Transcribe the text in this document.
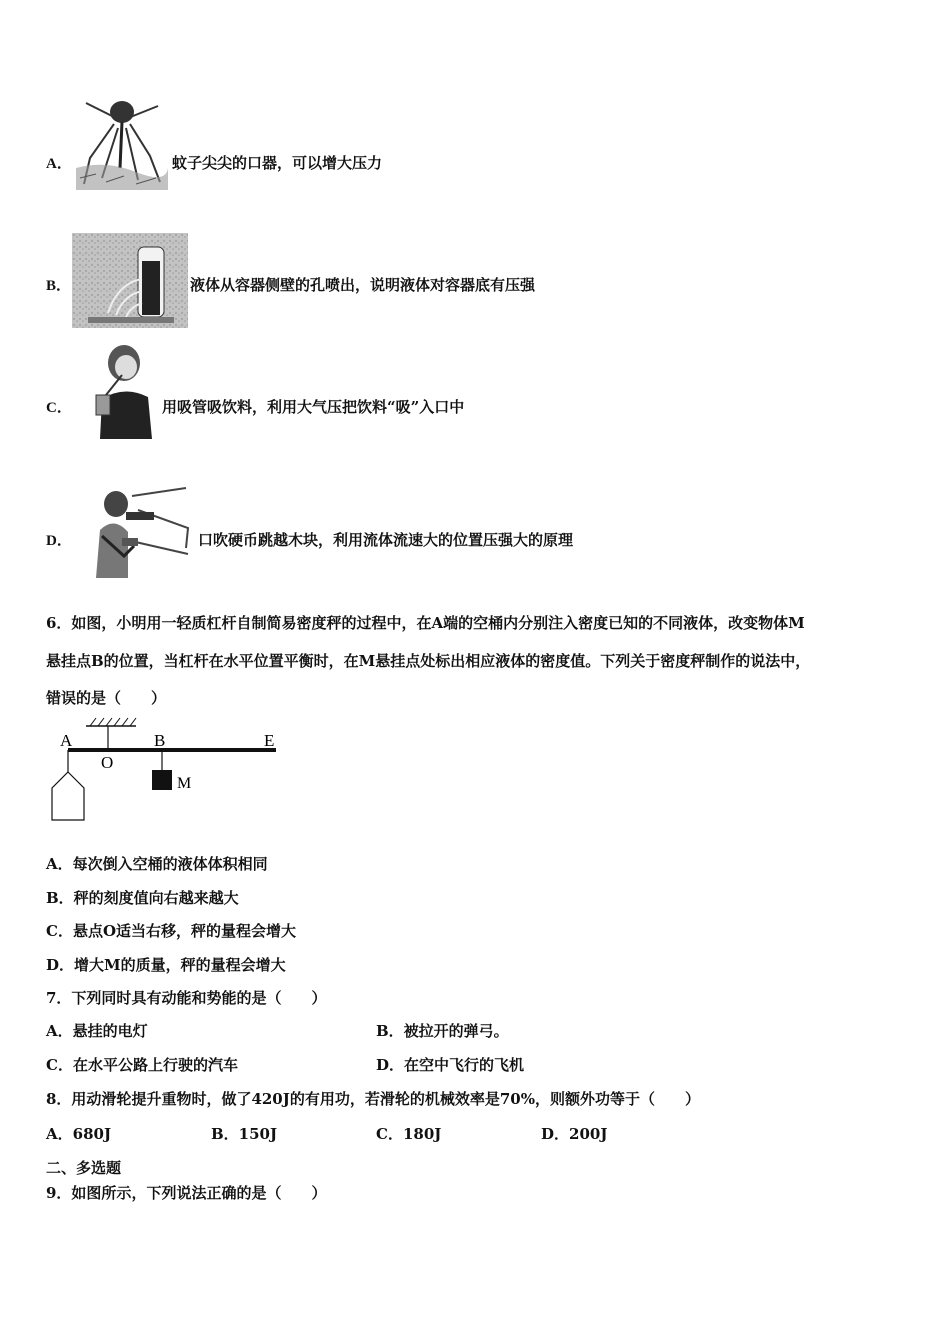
A．	蚊子尖尖的口器，可以增大压力
B．	液体从容器侧壁的孔喷出，说明液体对容器底有压强
C．	用吸管吸饮料，利用大气压把饮料“吸”入口中
D．	口吹硬币跳越木块，利用流体流速大的位置压强大的原理
6．如图，小明用一轻质杠杆自制简易密度秤的过程中，在A端的空桶内分别注入密度已知的不同液体，改变物体M
悬挂点B的位置，当杠杆在水平位置平衡时，在M悬挂点处标出相应液体的密度值。下列关于密度秤制作的说法中，
错误的是（　　）
A
O
B	E
M
A．每次倒入空桶的液体体积相同
B．秤的刻度值向右越来越大
C．悬点O适当右移，秤的量程会增大
D．增大M的质量，秤的量程会增大
7．下列同时具有动能和势能的是（　　）
A．悬挂的电灯	B．被拉开的弹弓。
C．在水平公路上行驶的汽车	D．在空中飞行的飞机
8．用动滑轮提升重物时，做了420J的有用功，若滑轮的机械效率是70%，则额外功等于（　　）
A．680J	B．150J	C．180J	D．200J
二、多选题
9．如图所示，下列说法正确的是（　　）
